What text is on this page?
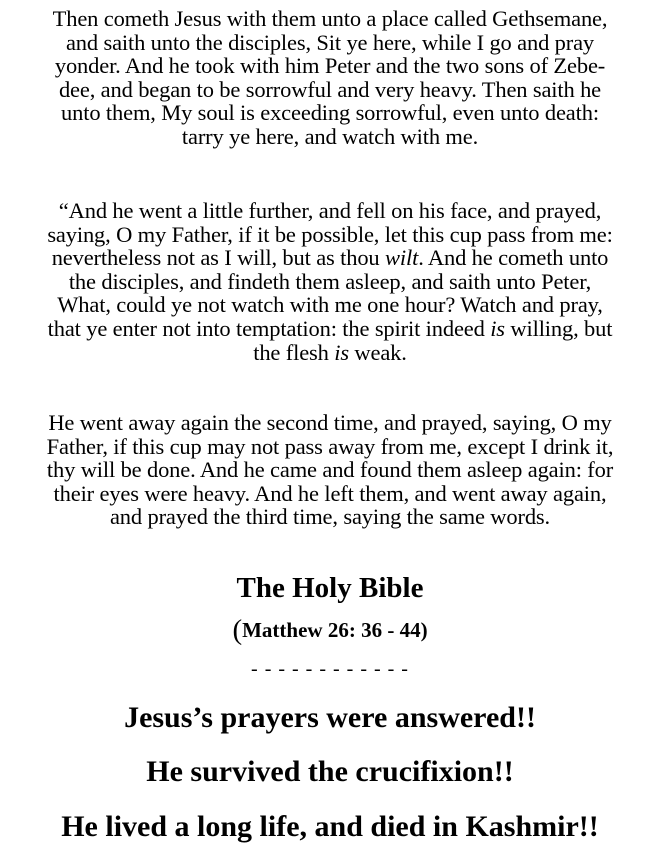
Then cometh Jesus with them unto a place called Gethsemane,
and saith unto the disciples, Sit ye here, while I go and pray
yonder. And he took with him Peter and the two sons of Zebe-
dee, and began to be sorrowful and very heavy. Then saith he
unto them, My soul is exceeding sorrowful, even unto death:
tarry ye here, and watch with me.

“And he went a little further, and fell on his face, and prayed,
saying, O my Father, if it be possible, let this cup pass from me:
nevertheless not as I will, but as thou wilt. And he cometh unto
the disciples, and findeth them asleep, and saith unto Peter,
What, could ye not watch with me one hour? Watch and pray,
that ye enter not into temptation: the spirit indeed is willing, but
the flesh is weak.

He went away again the second time, and prayed, saying, O my
Father, if this cup may not pass away from me, except I drink it,
thy will be done. And he came and found them asleep again: for
their eyes were heavy. And he left them, and went away again,
and prayed the third time, saying the same words.

The Holy Bible
(Matthew 26: 36 - 44)
- - - - - - - - - - - -

Jesus’s prayers were answered!!

He survived the crucifixion!!

He lived a long life, and died in Kashmir!!
